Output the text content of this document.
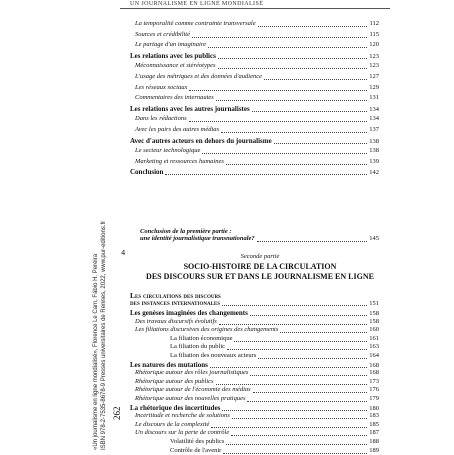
UN JOURNALISME EN LIGNE MONDIALISÉ
La temporalité comme contrainte transversale	112
Sources et crédibilité	115
Le partage d'un imaginaire	120
Les relations avec les publics	123
Méconnaissance et stéréotypes	123
L'usage des métriques et des données d'audience	127
Les réseaux sociaux	129
Commentaires des internautes	131
Les relations avec les autres journalistes	134
Dans les rédactions	134
Avec les pairs des autres médias	137
Avec d'autres acteurs en dehors du journalisme	138
Le secteur technologique	138
Marketing et ressources humaines	139
Conclusion	142
Conclusion de la première partie :
une identité journalistique transnationale?	145
Seconde partie
SOCIO-HISTOIRE DE LA CIRCULATION
DES DISCOURS SUR ET DANS LE JOURNALISME EN LIGNE
4
Les circulations des discours
des instances internationales	151
Les genèses imaginées des changements	158
Des travaux discursifs évolutifs	158
Les filiations discursives des origines des changements	160
La filiation économique	161
La filiation du public	163
La filiation des nouveaux acteurs	164
Les natures des mutations	168
Rhétorique autour des rôles journalistiques	168
Rhétorique autour des publics	173
Rhétorique autour de l'économie des médias	176
Rhétorique autour des nouvelles pratiques	179
La rhétorique des incertitudes	180
Incertitude et recherche de solutions	183
Le discours de la complexité	185
Un discours sur la perte de contrôle	187
Volatilité des publics	188
Contrôle de l'avenir	189
262
«Un journalisme en ligne mondialisé», Florence Le Cam, Fábio H. Pereira ISBN 978-2-7535-8678-9 Presses universitaires de Rennes, 2022, www.pur-editions.fr
